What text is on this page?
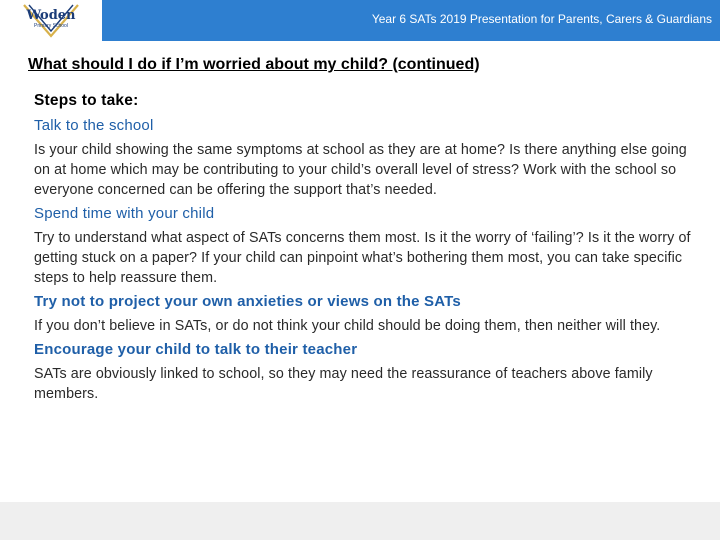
Woden
Primary School	Year 6 SATs 2019 Presentation for Parents, Carers & Guardians
What should I do if I’m worried about my child? (continued)
Steps to take:
Talk to the school
Is your child showing the same symptoms at school as they are at home? Is there anything else going on at home which may be contributing to your child’s overall level of stress? Work with the school so everyone concerned can be offering the support that’s needed.
Spend time with your child
Try to understand what aspect of SATs concerns them most. Is it the worry of ‘failing’? Is it the worry of getting stuck on a paper? If your child can pinpoint what’s bothering them most, you can take specific steps to help reassure them.
Try not to project your own anxieties or views on the SATs
If you don’t believe in SATs, or do not think your child should be doing them, then neither will they.
Encourage your child to talk to their teacher
SATs are obviously linked to school, so they may need the reassurance of teachers above family members.
